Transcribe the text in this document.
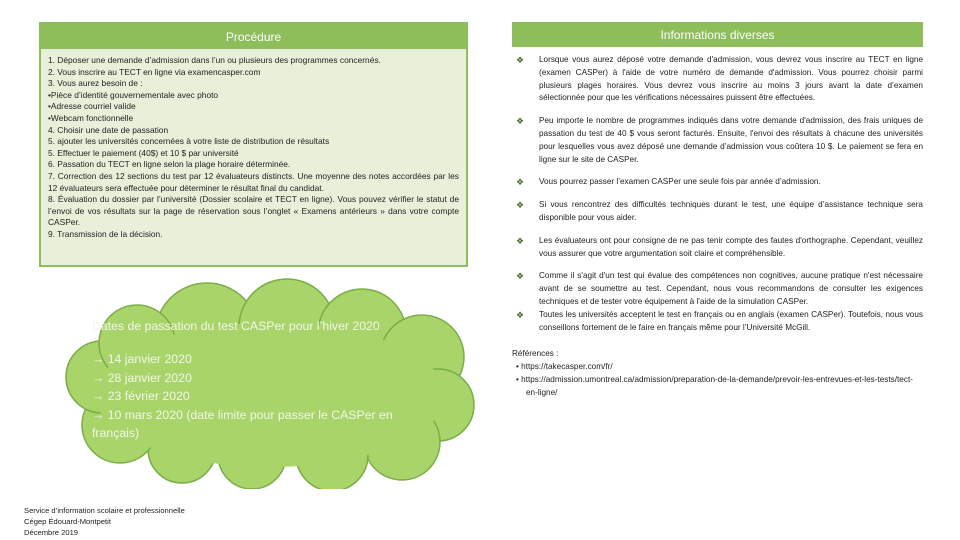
Procédure
1. Déposer une demande d’admission dans l’un ou plusieurs des programmes concernés.
2. Vous inscrire au TECT en ligne via examencasper.com
3. Vous aurez besoin de :
•Pièce d’identité gouvernementale avec photo
•Adresse courriel valide
•Webcam fonctionnelle
4. Choisir une date de passation
5. ajouter les universités concernées à votre liste de distribution de résultats
5. Effectuer le paiement (40$) et 10 $ par université
6. Passation du TECT en ligne selon la plage horaire déterminée.
7. Correction des 12 sections du test par 12 évaluateurs distincts. Une moyenne des notes accordées par les 12 évaluateurs sera effectuée pour déterminer le résultat final du candidat.
8. Évaluation du dossier par l’université (Dossier scolaire et TECT en ligne). Vous pouvez vérifier le statut de l’envoi de vos résultats sur la page de réservation sous l’onglet « Examens antérieurs » dans votre compte CASPer.
9. Transmission de la décision.
Dates de passation du test CASPer pour l’hiver 2020
→ 14 janvier 2020
→ 28 janvier 2020
→ 23 février 2020
→ 10 mars 2020 (date limite pour passer le CASPer en français)
Informations diverses
❖ Lorsque vous aurez déposé votre demande d'admission, vous devrez vous inscrire au TECT en ligne (examen CASPer) à l'aide de votre numéro de demande d'admission. Vous pourrez choisir parmi plusieurs plages horaires. Vous devrez vous inscrire au moins 3 jours avant la date d’examen sélectionnée pour que les vérifications nécessaires puissent être effectuées.
❖ Peu importe le nombre de programmes indiqués dans votre demande d'admission, des frais uniques de passation du test de 40 $ vous seront facturés. Ensuite, l'envoi des résultats à chacune des universités pour lesquelles vous avez déposé une demande d’admission vous coûtera 10 $. Le paiement se fera en ligne sur le site de CASPer.
❖ Vous pourrez passer l’examen CASPer une seule fois par année d’admission.
❖ Si vous rencontrez des difficultés techniques durant le test, une équipe d’assistance technique sera disponible pour vous aider.
❖ Les évaluateurs ont pour consigne de ne pas tenir compte des fautes d'orthographe. Cependant, veuillez vous assurer que votre argumentation soit claire et compréhensible.
❖ Comme il s'agit d'un test qui évalue des compétences non cognitives, aucune pratique n'est nécessaire avant de se soumettre au test. Cependant, nous vous recommandons de consulter les exigences techniques et de tester votre équipement à l'aide de la simulation CASPer.
❖ Toutes les universités acceptent le test en français ou en anglais (examen CASPer). Toutefois, nous vous conseillons fortement de le faire en français même pour l’Université McGill.
Références :
• https://takecasper.com/fr/
• https://admission.umontreal.ca/admission/preparation-de-la-demande/prevoir-les-entrevues-et-les-tests/tect-en-ligne/
Service d’information scolaire et professionnelle
Cégep Édouard-Montpetit
Décembre 2019
